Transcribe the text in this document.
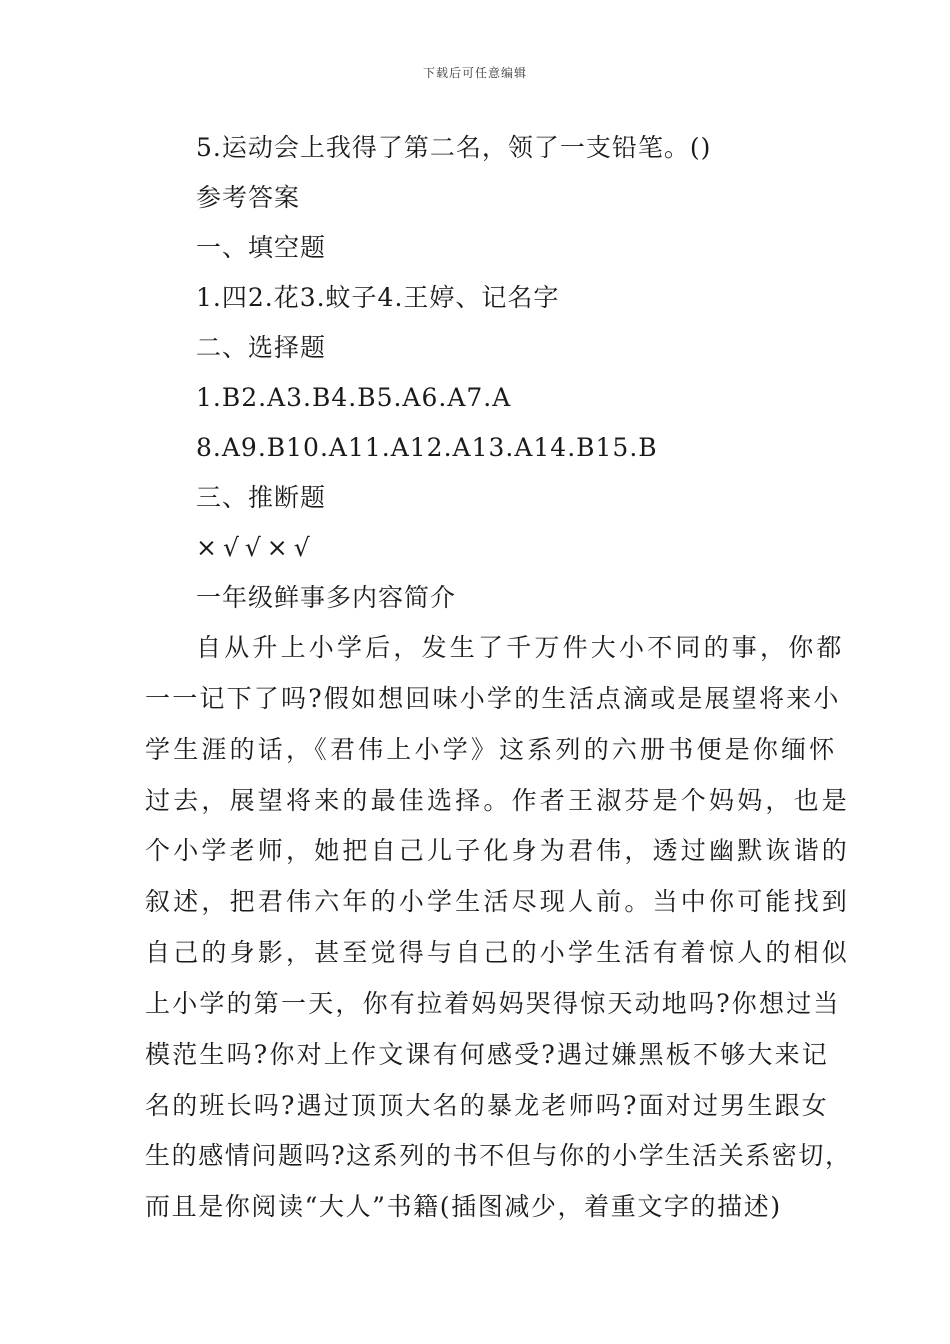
下载后可任意编辑
5.运动会上我得了第二名，领了一支铅笔。()
参考答案
一、填空题
1.四2.花3.蚊子4.王婷、记名字
二、选择题
1.B2.A3.B4.B5.A6.A7.A
8.A9.B10.A11.A12.A13.A14.B15.B
三、推断题
×√√×√
一年级鲜事多内容简介
自从升上小学后，发生了千万件大小不同的事，你都
一一记下了吗?假如想回味小学的生活点滴或是展望将来小
学生涯的话，《君伟上小学》这系列的六册书便是你缅怀
过去，展望将来的最佳选择。作者王淑芬是个妈妈，也是
个小学老师，她把自己儿子化身为君伟，透过幽默诙谐的
叙述，把君伟六年的小学生活尽现人前。当中你可能找到
自己的身影，甚至觉得与自己的小学生活有着惊人的相似
上小学的第一天，你有拉着妈妈哭得惊天动地吗?你想过当
模范生吗?你对上作文课有何感受?遇过嫌黑板不够大来记
名的班长吗?遇过顶顶大名的暴龙老师吗?面对过男生跟女
生的感情问题吗?这系列的书不但与你的小学生活关系密切，
而且是你阅读“大人”书籍(插图减少，着重文字的描述)
